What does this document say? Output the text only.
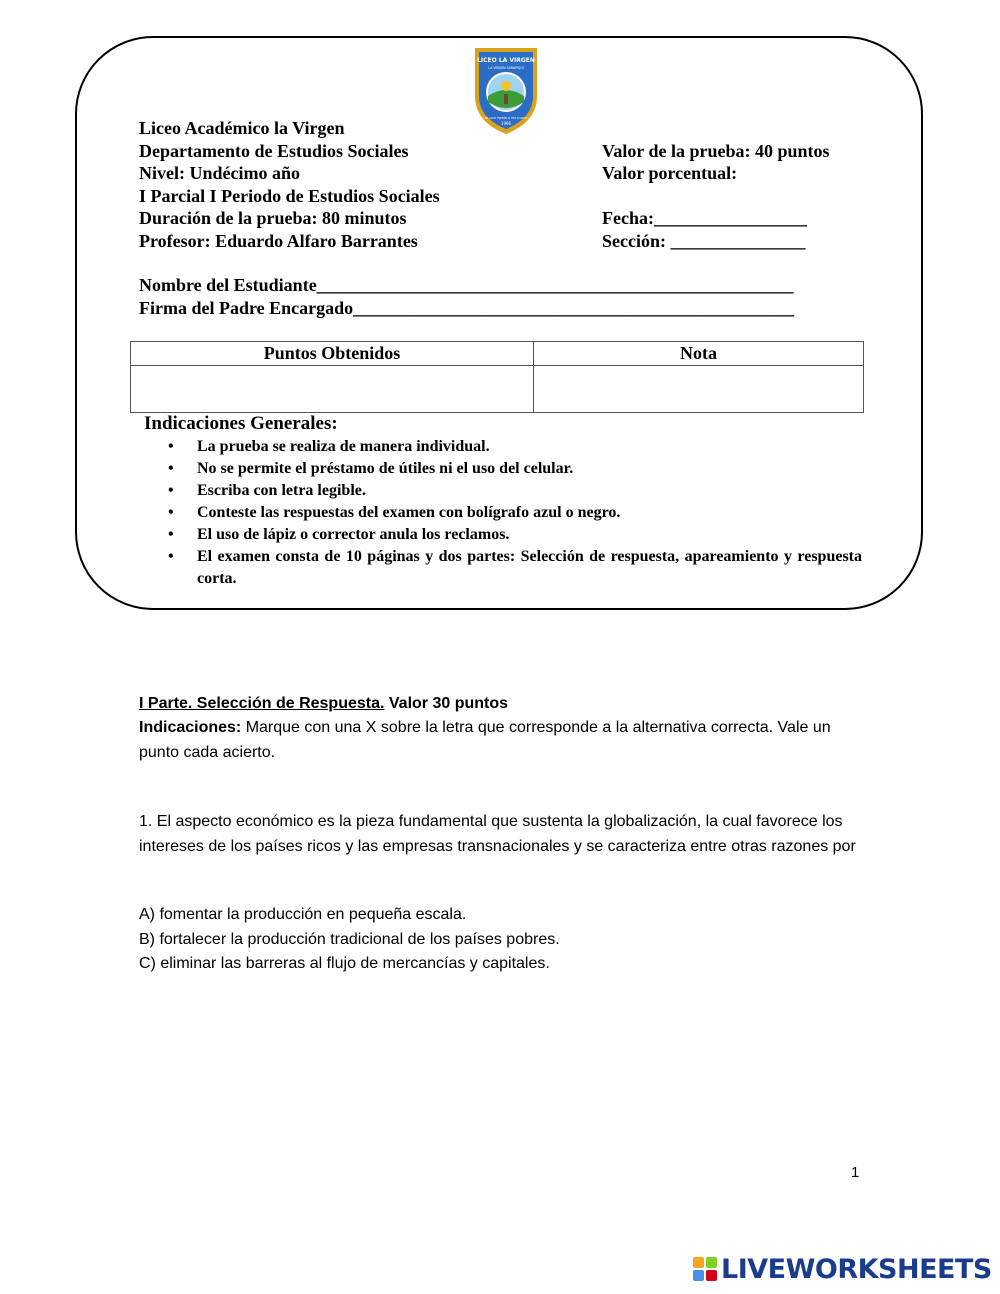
LICEO LA VIRGEN
LA VIRGEN SARAPIQUÍ
UN ALTO EJEMPLO EDUCATIVO
1996
Liceo Académico la Virgen
Departamento de Estudios Sociales
Nivel: Undécimo año
I Parcial I Periodo de Estudios Sociales
Duración de la prueba: 80 minutos
Profesor: Eduardo Alfaro Barrantes
Valor de la prueba: 40 puntos
Valor porcentual:
Fecha:_________________
Sección: _______________
Nombre del Estudiante_____________________________________________________
Firma del Padre Encargado_________________________________________________
Puntos Obtenidos	Nota

Indicaciones Generales:
• La prueba se realiza de manera individual.
• No se permite el préstamo de útiles ni el uso del celular.
• Escriba con letra legible.
• Conteste las respuestas del examen con bolígrafo azul o negro.
• El uso de lápiz o corrector anula los reclamos.
• El examen consta de 10 páginas y dos partes: Selección de respuesta, apareamiento y respuesta corta.
I Parte. Selección de Respuesta. Valor 30 puntos
Indicaciones: Marque con una X sobre la letra que corresponde a la alternativa correcta. Vale un punto cada acierto.
1. El aspecto económico es la pieza fundamental que sustenta la globalización, la cual favorece los intereses de los países ricos y las empresas transnacionales y se caracteriza entre otras razones por
A) fomentar la producción en pequeña escala.
B) fortalecer la producción tradicional de los países pobres.
C) eliminar las barreras al flujo de mercancías y capitales.
1
LIVEWORKSHEETS
